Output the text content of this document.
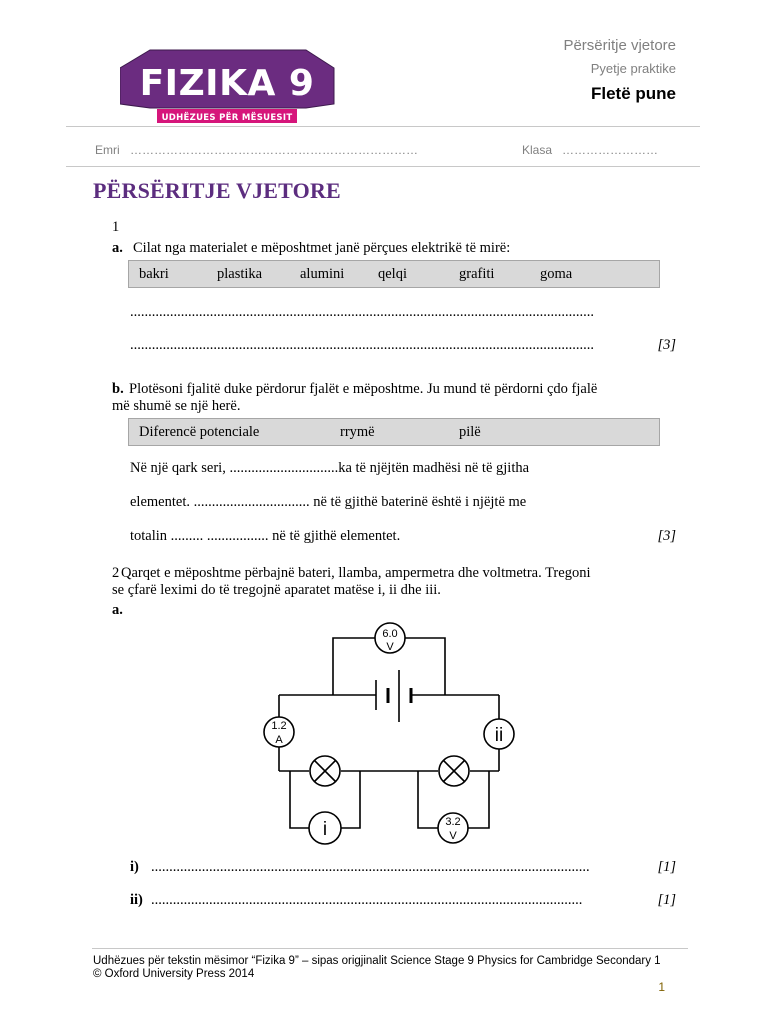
FIZIKA 9
UDHËZUES PËR MËSUESIT
Përsëritje vjetore
Pyetje praktike
Fletë pune
Emri ………………………………………………………………	Klasa ……………………
PËRSËRITJE VJETORE
1
a. Cilat nga materialet e mëposhtmet janë përçues elektrikë të mirë:
bakri	plastika	alumini qelqi	grafiti	goma
................................................................................................................................
................................................................................................................................	[3]
b. Plotësoni fjalitë duke përdorur fjalët e mëposhtme. Ju mund të përdorni çdo fjalë
më shumë se një herë.
Diferencë potenciale	rrymë	pilë
Në një qark seri, ..............................ka të njëjtën madhësi në të gjitha
elementet. ................................ në të gjithë baterinë është i njëjtë me
totalin ......... ................. në të gjithë elementet.	[3]
2 Qarqet e mëposhtme përbajnë bateri, llamba, ampermetra dhe voltmetra. Tregoni
se çfarë leximi do të tregojnë aparatet matëse i, ii dhe iii.
a.
6.0
V
1.2
A	ii
i	3.2
V
i) .........................................................................................................................	[1]
ii) .......................................................................................................................	[1]
Udhëzues për tekstin mësimor “Fizika 9” – sipas origjinalit Science Stage 9 Physics for Cambridge Secondary 1
© Oxford University Press 2014
1
